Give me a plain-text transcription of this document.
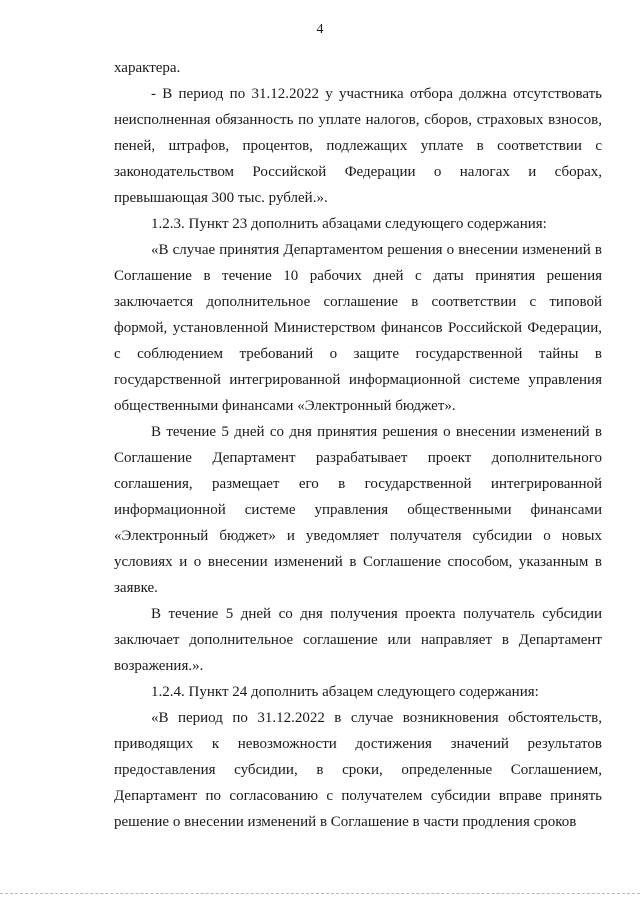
4

характера.

- В период по 31.12.2022 у участника отбора должна отсутствовать неисполненная обязанность по уплате налогов, сборов, страховых взносов, пеней, штрафов, процентов, подлежащих уплате в соответствии с законодательством Российской Федерации о налогах и сборах, превышающая 300 тыс. рублей.».

1.2.3. Пункт 23 дополнить абзацами следующего содержания:

«В случае принятия Департаментом решения о внесении изменений в Соглашение в течение 10 рабочих дней с даты принятия решения заключается дополнительное соглашение в соответствии с типовой формой, установленной Министерством финансов Российской Федерации, с соблюдением требований о защите государственной тайны в государственной интегрированной информационной системе управления общественными финансами «Электронный бюджет».

В течение 5 дней со дня принятия решения о внесении изменений в Соглашение Департамент разрабатывает проект дополнительного соглашения, размещает его в государственной интегрированной информационной системе управления общественными финансами «Электронный бюджет» и уведомляет получателя субсидии о новых условиях и о внесении изменений в Соглашение способом, указанным в заявке.

В течение 5 дней со дня получения проекта получатель субсидии заключает дополнительное соглашение или направляет в Департамент возражения.».

1.2.4. Пункт 24 дополнить абзацем следующего содержания:

«В период по 31.12.2022 в случае возникновения обстоятельств, приводящих к невозможности достижения значений результатов предоставления субсидии, в сроки, определенные Соглашением, Департамент по согласованию с получателем субсидии вправе принять решение о внесении изменений в Соглашение в части продления сроков
